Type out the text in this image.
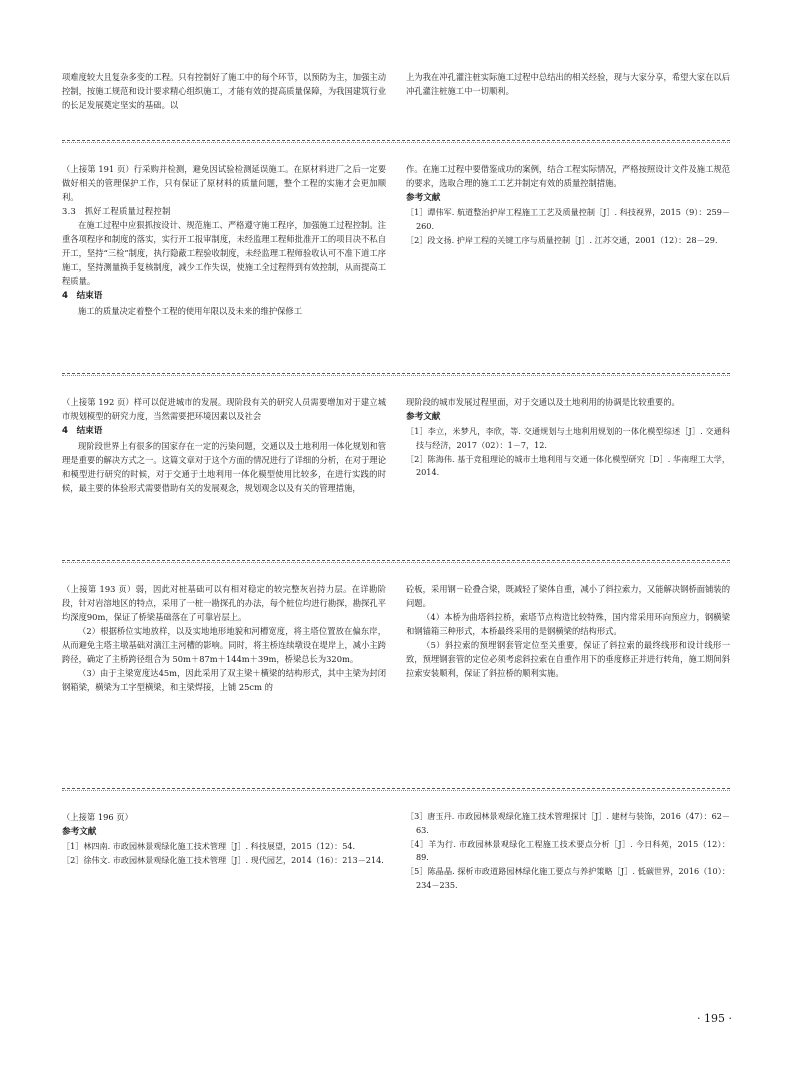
项难度较大且复杂多变的工程。只有控制好了施工中的每个环节，以预防为主，加强主动控制，按施工规范和设计要求精心组织施工，才能有效的提高质量保障，为我国建筑行业的长足发展奠定坚实的基础。以

上为我在冲孔灌注桩实际施工过程中总结出的相关经验，现与大家分享，希望大家在以后冲孔灌注桩施工中一切顺利。

（上接第 191 页）行采购并检测，避免因试验检测延误施工。在原材料进厂之后一定要做好相关的管理保护工作，只有保证了原材料的质量问题，整个工程的实施才会更加顺利。

3.3　抓好工程质量过程控制

在施工过程中应狠抓按设计、规范施工、严格遵守施工程序，加强施工过程控制。注重各项程序和制度的落实，实行开工报审制度，未经监理工程师批准开工的项目决不私自开工，坚持“三检”制度，执行隐蔽工程验收制度，未经监理工程师验收认可不准下道工序施工，坚持测量换手复核制度，减少工作失误，使施工全过程得到有效控制，从而提高工程质量。

4　结束语

施工的质量决定着整个工程的使用年限以及未来的维护保修工

作。在施工过程中要借鉴成功的案例，结合工程实际情况，严格按照设计文件及施工规范的要求，选取合理的施工工艺并制定有效的质量控制措施。

参考文献

［1］谭伟军. 航道整治护岸工程施工工艺及质量控制［J］. 科技视界，2015（9）：259－260.

［2］段文扬. 护岸工程的关键工序与质量控制［J］. 江苏交通，2001（12）：28－29.

（上接第 192 页）样可以促进城市的发展。现阶段有关的研究人员需要增加对于建立城市规划模型的研究力度，当然需要把环境因素以及社会

4　结束语

现阶段世界上有很多的国家存在一定的污染问题，交通以及土地利用一体化规划和管理是重要的解决方式之一。这篇文章对于这个方面的情况进行了详细的分析，在对于理论和模型进行研究的时候，对于交通于土地利用一体化模型使用比较多，在进行实践的时候，最主要的体验形式需要借助有关的发展观念，规划观念以及有关的管理措施，

现阶段的城市发展过程里面，对于交通以及土地利用的协调是比较重要的。

参考文献

［1］李立，米梦凡，李欣，等. 交通规划与土地利用规划的一体化模型综述［J］. 交通科技与经济，2017（02）：1－7，12.

［2］陈海伟. 基于竞租理论的城市土地利用与交通一体化模型研究［D］. 华南理工大学，2014.

（上接第 193 页）弱，因此对桩基础可以有相对稳定的较完整灰岩持力层。在详勘阶段，针对岩溶地区的特点，采用了一桩一勘探孔的办法，每个桩位均进行勘探，勘探孔平均深度90m，保证了桥梁基础落在了可靠岩层上。

（2）根据桥位实地放样，以及实地地形地貌和河槽宽度，将主塔位置放在偏东岸，从而避免主塔主墩基础对漓江主河槽的影响。同时，将主桥连续墩设在堤岸上，减小主跨跨径，确定了主桥跨径组合为 50m＋87m＋144m＋39m，桥梁总长为320m。

（3）由于主梁宽度达45m，因此采用了双主梁＋横梁的结构形式，其中主梁为封闭钢箱梁，横梁为工字型横梁，和主梁焊接，上铺 25cm 的

砼板，采用钢－砼叠合梁，既减轻了梁体自重，减小了斜拉索力，又能解决钢桥面铺装的问题。

（4）本桥为曲塔斜拉桥，索塔节点构造比较特殊，国内常采用环向预应力，钢横梁和钢锚箱三种形式，本桥最终采用的是钢横梁的结构形式。

（5）斜拉索的预埋钢套管定位至关重要，保证了斜拉索的最终线形和设计线形一致，预埋钢套管的定位必须考虑斜拉索在自重作用下的垂度修正并进行转角，施工期间斜拉索安装顺利，保证了斜拉桥的顺利实施。

（上接第 196 页）

参考文献

［1］林四南. 市政园林景观绿化施工技术管理［J］. 科技展望，2015（12）：54.

［2］徐伟文. 市政园林景观绿化施工技术管理［J］. 现代园艺，2014（16）：213－214.

［3］唐玉丹. 市政园林景观绿化施工技术管理探讨［J］. 建材与装饰，2016（47）：62－63.

［4］羊为行. 市政园林景观绿化工程施工技术要点分析［J］. 今日科苑，2015（12）：89.

［5］陈晶晶. 探析市政道路园林绿化施工要点与养护策略［J］. 低碳世界，2016（10）：234－235.

· 195 ·
